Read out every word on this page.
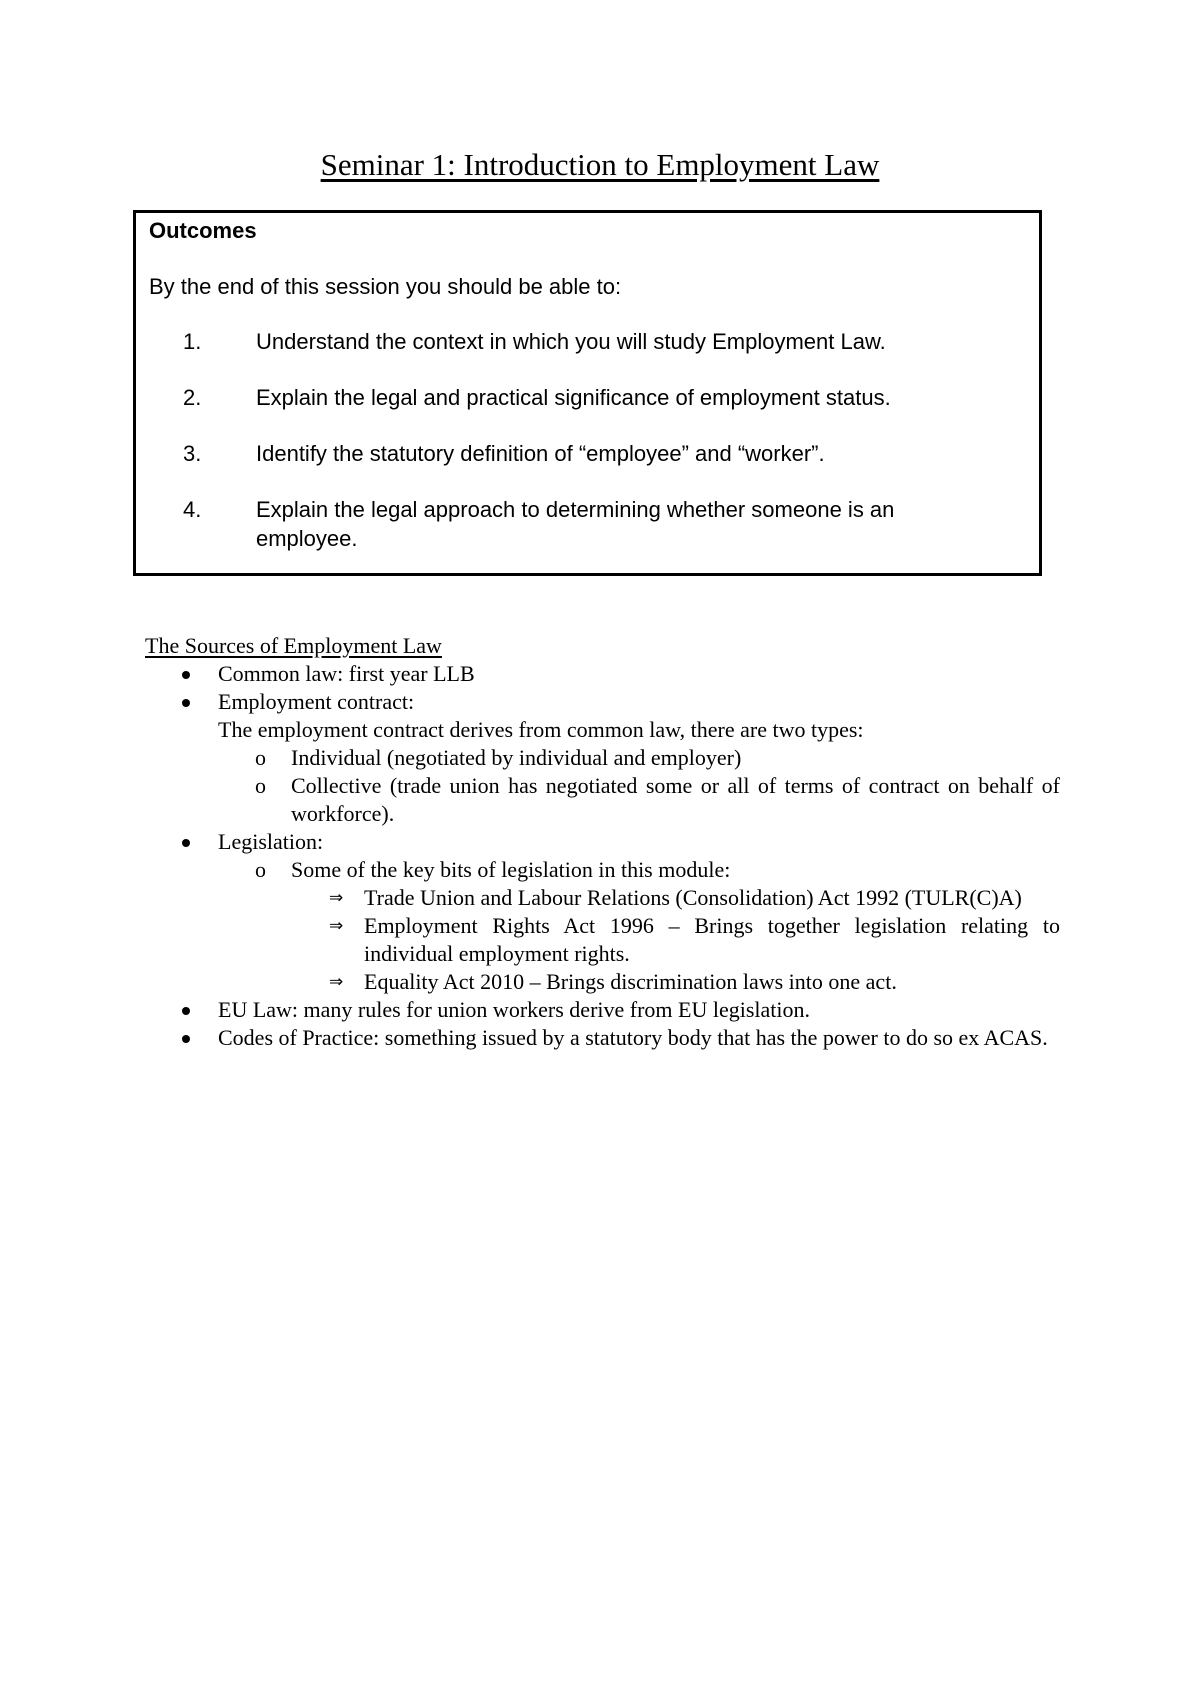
Seminar 1: Introduction to Employment Law
Outcomes
By the end of this session you should be able to:
1. Understand the context in which you will study Employment Law.
2. Explain the legal and practical significance of employment status.
3. Identify the statutory definition of “employee” and “worker”.
4. Explain the legal approach to determining whether someone is an employee.
The Sources of Employment Law
Common law: first year LLB
Employment contract:
The employment contract derives from common law, there are two types:
o Individual (negotiated by individual and employer)
o Collective (trade union has negotiated some or all of terms of contract on behalf of workforce).
Legislation:
o Some of the key bits of legislation in this module:
⇒ Trade Union and Labour Relations (Consolidation) Act 1992 (TULR(C)A)
⇒ Employment Rights Act 1996 – Brings together legislation relating to individual employment rights.
⇒ Equality Act 2010 – Brings discrimination laws into one act.
EU Law: many rules for union workers derive from EU legislation.
Codes of Practice: something issued by a statutory body that has the power to do so ex ACAS.
